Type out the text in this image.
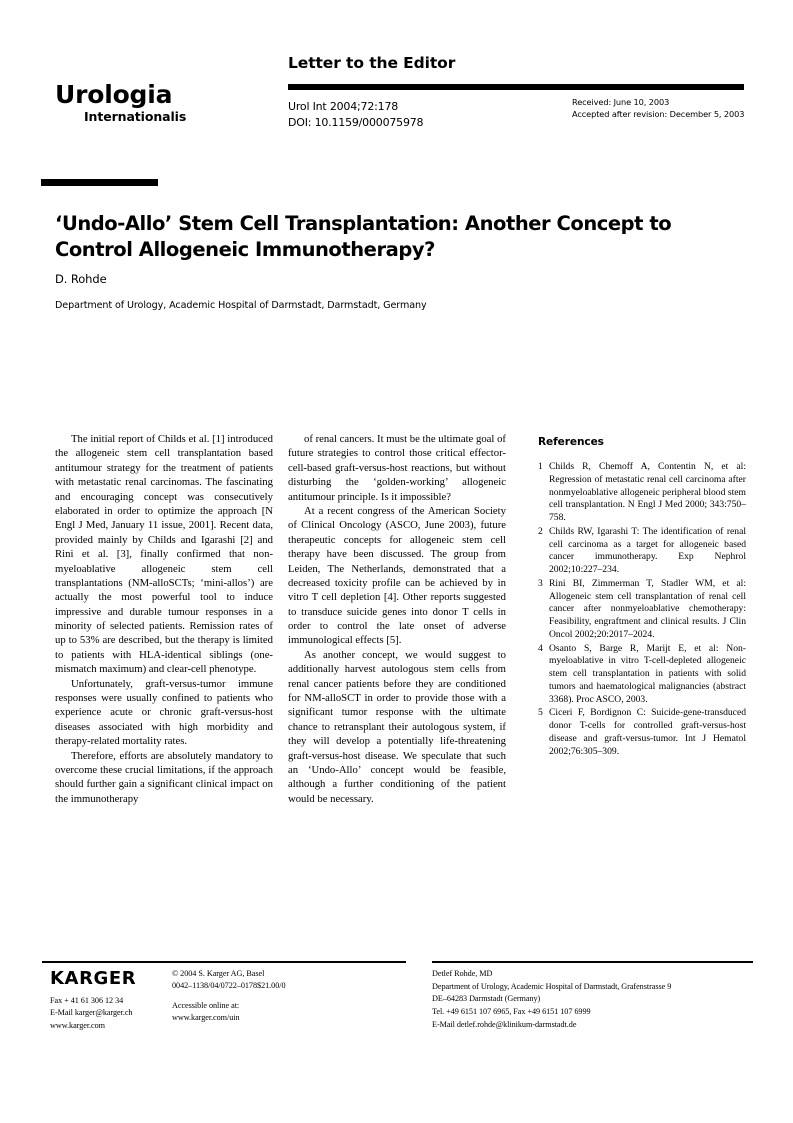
Urologia
Internationalis
Letter to the Editor
Urol Int 2004;72:178
DOI: 10.1159/000075978
Received: June 10, 2003
Accepted after revision: December 5, 2003
‘Undo-Allo’ Stem Cell Transplantation: Another Concept to Control Allogeneic Immunotherapy?
D. Rohde
Department of Urology, Academic Hospital of Darmstadt, Darmstadt, Germany

The initial report of Childs et al. [1] introduced the allogeneic stem cell transplantation based antitumour strategy for the treatment of patients with metastatic renal carcinomas. The fascinating and encouraging concept was consecutively elaborated in order to optimize the approach [N Engl J Med, January 11 issue, 2001]. Recent data, provided mainly by Childs and Igarashi [2] and Rini et al. [3], finally confirmed that non-myeloablative allogeneic stem cell transplantations (NM-alloSCTs; ‘mini-allos’) are actually the most powerful tool to induce impressive and durable tumour responses in a minority of selected patients. Remission rates of up to 53% are described, but the therapy is limited to patients with HLA-identical siblings (one-mismatch maximum) and clear-cell phenotype.

Unfortunately, graft-versus-tumor immune responses were usually confined to patients who experience acute or chronic graft-versus-host diseases associated with high morbidity and therapy-related mortality rates.

Therefore, efforts are absolutely mandatory to overcome these crucial limitations, if the approach should further gain a significant clinical impact on the immunotherapy

of renal cancers. It must be the ultimate goal of future strategies to control those critical effector-cell-based graft-versus-host reactions, but without disturbing the ‘golden-working’ allogeneic antitumour principle. Is it impossible?

At a recent congress of the American Society of Clinical Oncology (ASCO, June 2003), future therapeutic concepts for allogeneic stem cell therapy have been discussed. The group from Leiden, The Netherlands, demonstrated that a decreased toxicity profile can be achieved by in vitro T cell depletion [4]. Other reports suggested to transduce suicide genes into donor T cells in order to control the late onset of adverse immunological effects [5].

As another concept, we would suggest to additionally harvest autologous stem cells from renal cancer patients before they are conditioned for NM-alloSCT in order to provide those with a significant tumor response with the ultimate chance to retransplant their autologous system, if they will develop a potentially life-threatening graft-versus-host disease. We speculate that such an ‘Undo-Allo’ concept would be feasible, although a further conditioning of the patient would be necessary.

References
1 Childs R, Chemoff A, Contentin N, et al: Regression of metastatic renal cell carcinoma after nonmyeloablative allogeneic peripheral blood stem cell transplantation. N Engl J Med 2000; 343:750–758.
2 Childs RW, Igarashi T: The identification of renal cell carcinoma as a target for allogeneic based cancer immunotherapy. Exp Nephrol 2002;10:227–234.
3 Rini BI, Zimmerman T, Stadler WM, et al: Allogeneic stem cell transplantation of renal cell cancer after nonmyeloablative chemotherapy: Feasibility, engraftment and clinical results. J Clin Oncol 2002;20:2017–2024.
4 Osanto S, Barge R, Marijt E, et al: Non-myeloablative in vitro T-cell-depleted allogeneic stem cell transplantation in patients with solid tumors and haematological malignancies (abstract 3368). Proc ASCO, 2003.
5 Ciceri F, Bordignon C: Suicide-gene-transduced donor T-cells for controlled graft-versus-host disease and graft-versus-tumor. Int J Hematol 2002;76:305–309.
KARGER
Fax + 41 61 306 12 34
E-Mail karger@karger.ch
www.karger.com
© 2004 S. Karger AG, Basel
0042–1138/04/0722–0178$21.00/0
Accessible online at:
www.karger.com/uin
Detlef Rohde, MD
Department of Urology, Academic Hospital of Darmstadt, Grafenstrasse 9
DE–64283 Darmstadt (Germany)
Tel. +49 6151 107 6965, Fax +49 6151 107 6999
E-Mail detlef.rohde@klinikum-darmstadt.de
